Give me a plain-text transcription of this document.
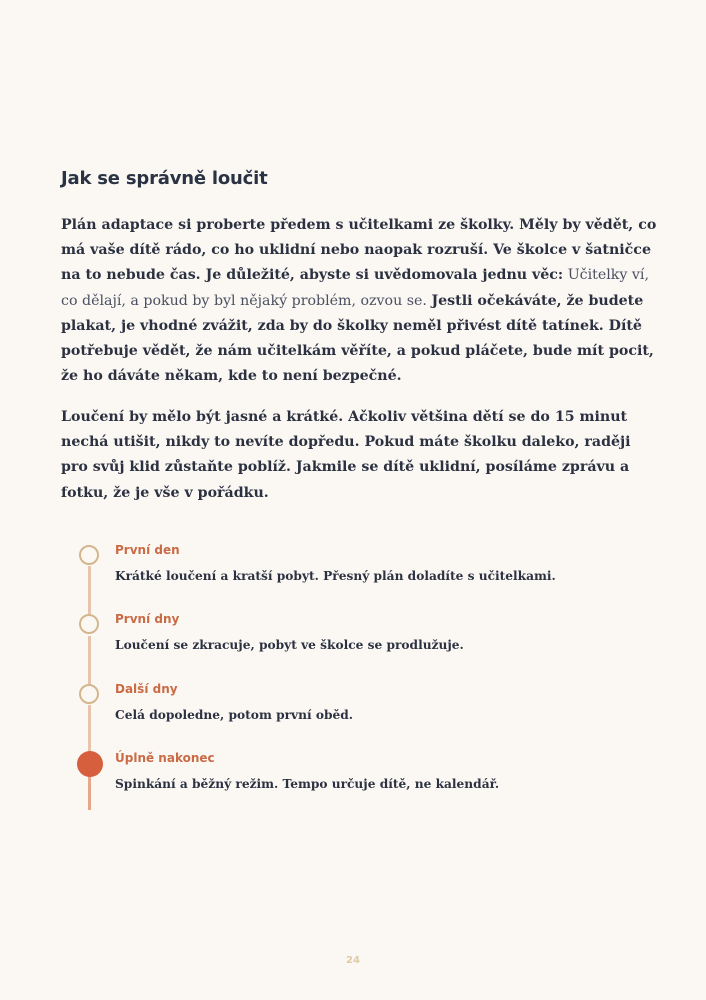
Jak se správně loučit

Plán adaptace si proberte předem s učitelkami ze školky. Měly by vědět, co má vaše dítě rádo, co ho uklidní nebo naopak rozruší. Ve školce v šatničce na to nebude čas. Je důležité, abyste si uvědomovala jednu věc: Učitelky ví, co dělají, a pokud by byl nějaký problém, ozvou se. Jestli očekáváte, že budete plakat, je vhodné zvážit, zda by do školky neměl přivést dítě tatínek. Dítě potřebuje vědět, že nám učitelkám věříte, a pokud pláčete, bude mít pocit, že ho dáváte někam, kde to není bezpečné.

Loučení by mělo být jasné a krátké. Ačkoliv většina dětí se do 15 minut nechá utišit, nikdy to nevíte dopředu. Pokud máte školku daleko, raději pro svůj klid zůstaňte poblíž. Jakmile se dítě uklidní, posíláme zprávu a fotku, že je vše v pořádku.

První den
Krátké loučení a kratší pobyt. Přesný plán doladíte s učitelkami.
První dny
Loučení se zkracuje, pobyt ve školce se prodlužuje.
Další dny
Celá dopoledne, potom první oběd.
Úplně nakonec
Spinkání a běžný režim. Tempo určuje dítě, ne kalendář.
24
